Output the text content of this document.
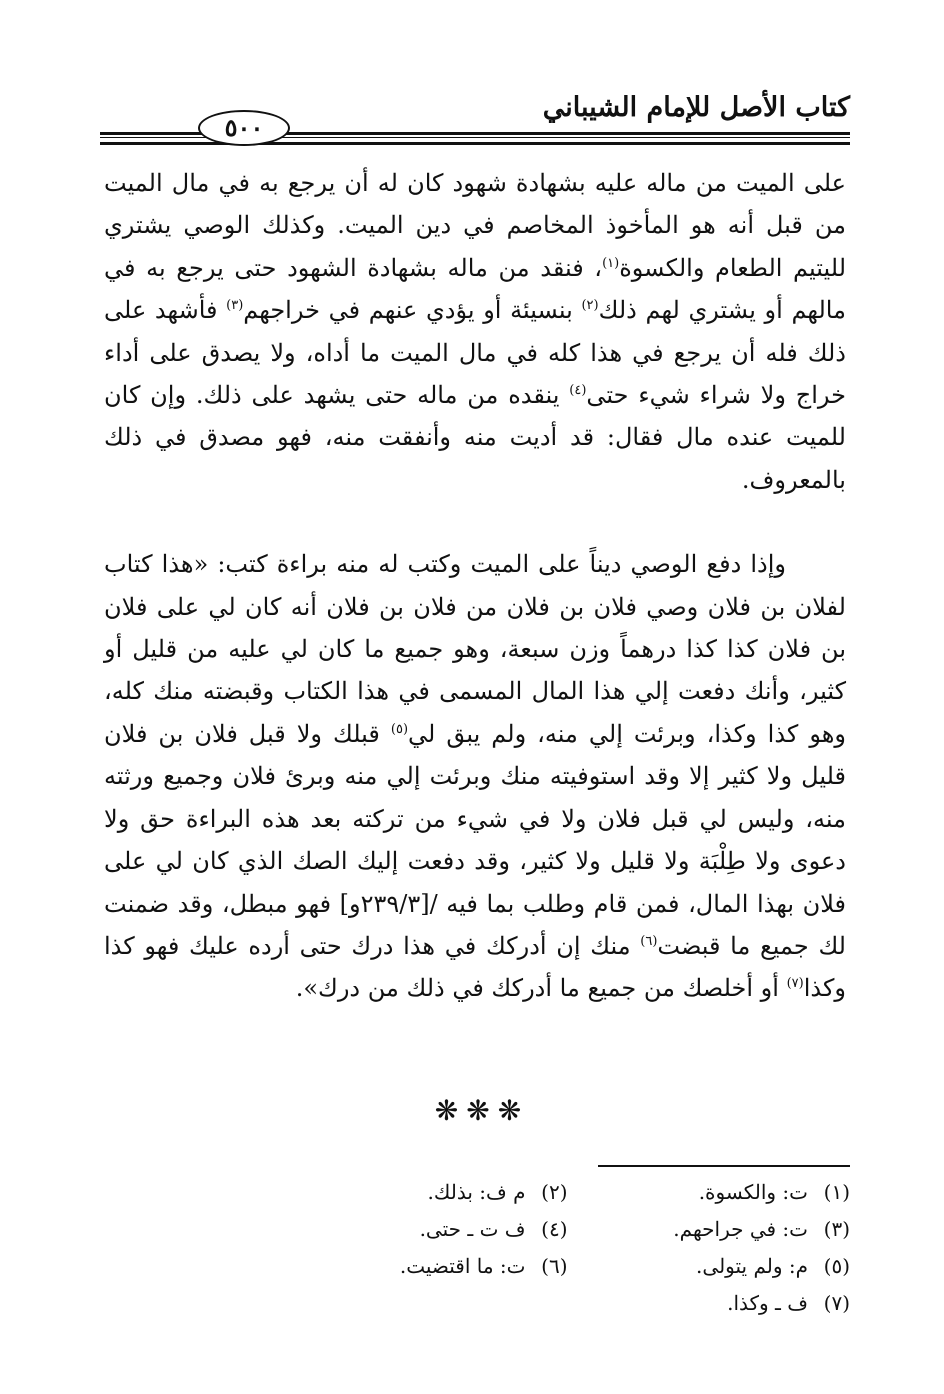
كتاب الأصل للإمام الشيباني
٥٠٠

على الميت من ماله عليه بشهادة شهود كان له أن يرجع به في مال الميت من قبل أنه هو المأخوذ المخاصم في دين الميت. وكذلك الوصي يشتري لليتيم الطعام والكسوة$^{(١)}$، فنقد من ماله بشهادة الشهود حتى يرجع به في مالهم أو يشتري لهم ذلك$^{(٢)}$ بنسيئة أو يؤدي عنهم في خراجهم$^{(٣)}$ فأشهد على ذلك فله أن يرجع في هذا كله في مال الميت ما أداه، ولا يصدق على أداء خراج ولا شراء شيء حتى$^{(٤)}$ ينقده من ماله حتى يشهد على ذلك. وإن كان للميت عنده مال فقال: قد أديت منه وأنفقت منه، فهو مصدق في ذلك بالمعروف.

وإذا دفع الوصي ديناً على الميت وكتب له منه براءة كتب: «هذا كتاب لفلان بن فلان وصي فلان بن فلان من فلان بن فلان أنه كان لي على فلان بن فلان كذا كذا درهماً وزن سبعة، وهو جميع ما كان لي عليه من قليل أو كثير، وأنك دفعت إلي هذا المال المسمى في هذا الكتاب وقبضته منك كله، وهو كذا وكذا، وبرئت إلي منه، ولم يبق لي$^{(٥)}$ قبلك ولا قبل فلان بن فلان قليل ولا كثير إلا وقد استوفيته منك وبرئت إلي منه وبرئ فلان وجميع ورثته منه، وليس لي قبل فلان ولا في شيء من تركته بعد هذه البراءة حق ولا دعوى ولا طِلْبَة ولا قليل ولا كثير، وقد دفعت إليك الصك الذي كان لي على فلان بهذا المال، فمن قام وطلب بما فيه /[٢٣٩/٣و] فهو مبطل، وقد ضمنت لك جميع ما قبضت$^{(٦)}$ منك إن أدركك في هذا درك حتى أرده عليك فهو كذا وكذا$^{(٧)}$ أو أخلصك من جميع ما أدركك في ذلك من درك».

❋❋❋
(١)ت: والكسوة.
(٢)م ف: بذلك.
(٣)ت: في جراحهم.
(٤)ف ت ـ حتى.
(٥)م: ولم يتولى.
(٦)ت: ما اقتضيت.
(٧)ف ـ وكذا.
